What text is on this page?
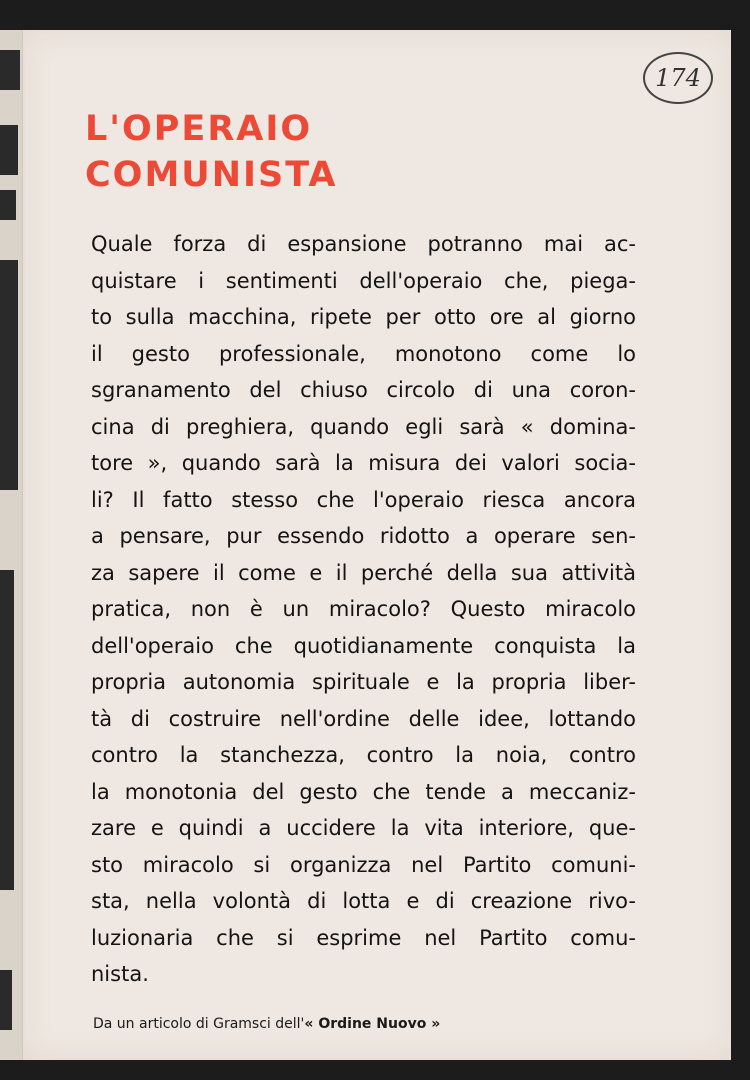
174
L'OPERAIO
COMUNISTA
Quale forza di espansione potranno mai ac-
quistare i sentimenti dell'operaio che, piega-
to sulla macchina, ripete per otto ore al giorno
il gesto professionale, monotono come lo
sgranamento del chiuso circolo di una coron-
cina di preghiera, quando egli sarà « domina-
tore », quando sarà la misura dei valori socia-
li? Il fatto stesso che l'operaio riesca ancora
a pensare, pur essendo ridotto a operare sen-
za sapere il come e il perché della sua attività
pratica, non è un miracolo? Questo miracolo
dell'operaio che quotidianamente conquista la
propria autonomia spirituale e la propria liber-
tà di costruire nell'ordine delle idee, lottando
contro la stanchezza, contro la noia, contro
la monotonia del gesto che tende a meccaniz-
zare e quindi a uccidere la vita interiore, que-
sto miracolo si organizza nel Partito comuni-
sta, nella volontà di lotta e di creazione rivo-
luzionaria che si esprime nel Partito comu-
nista.

Da un articolo di Gramsci dell'« Ordine Nuovo »
